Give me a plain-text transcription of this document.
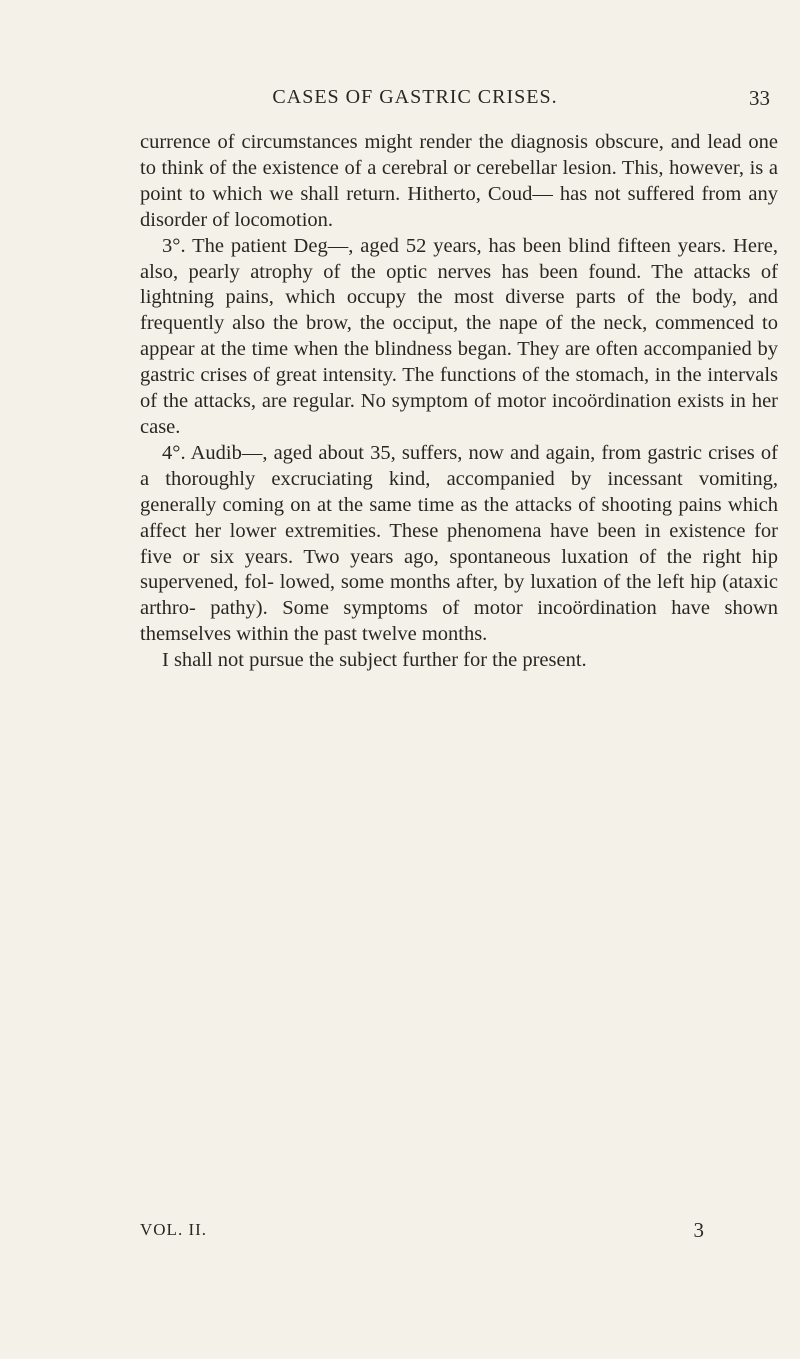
CASES OF GASTRIC CRISES.	33

currence of circumstances might render the diagnosis obscure, and lead one to think of the existence of a cerebral or cerebellar lesion. This, however, is a point to which we shall return. Hitherto, Coud— has not suffered from any disorder of locomotion.

3°. The patient Deg—, aged 52 years, has been blind fifteen years. Here, also, pearly atrophy of the optic nerves has been found. The attacks of lightning pains, which occupy the most diverse parts of the body, and frequently also the brow, the occiput, the nape of the neck, commenced to appear at the time when the blindness began. They are often accompanied by gastric crises of great intensity. The functions of the stomach, in the intervals of the attacks, are regular. No symptom of motor incoördination exists in her case.

4°. Audib—, aged about 35, suffers, now and again, from gastric crises of a thoroughly excruciating kind, accompanied by incessant vomiting, generally coming on at the same time as the attacks of shooting pains which affect her lower extremities. These phenomena have been in existence for five or six years. Two years ago, spontaneous luxation of the right hip supervened, fol- lowed, some months after, by luxation of the left hip (ataxic arthro- pathy). Some symptoms of motor incoördination have shown themselves within the past twelve months.

I shall not pursue the subject further for the present.

VOL. II.	3
